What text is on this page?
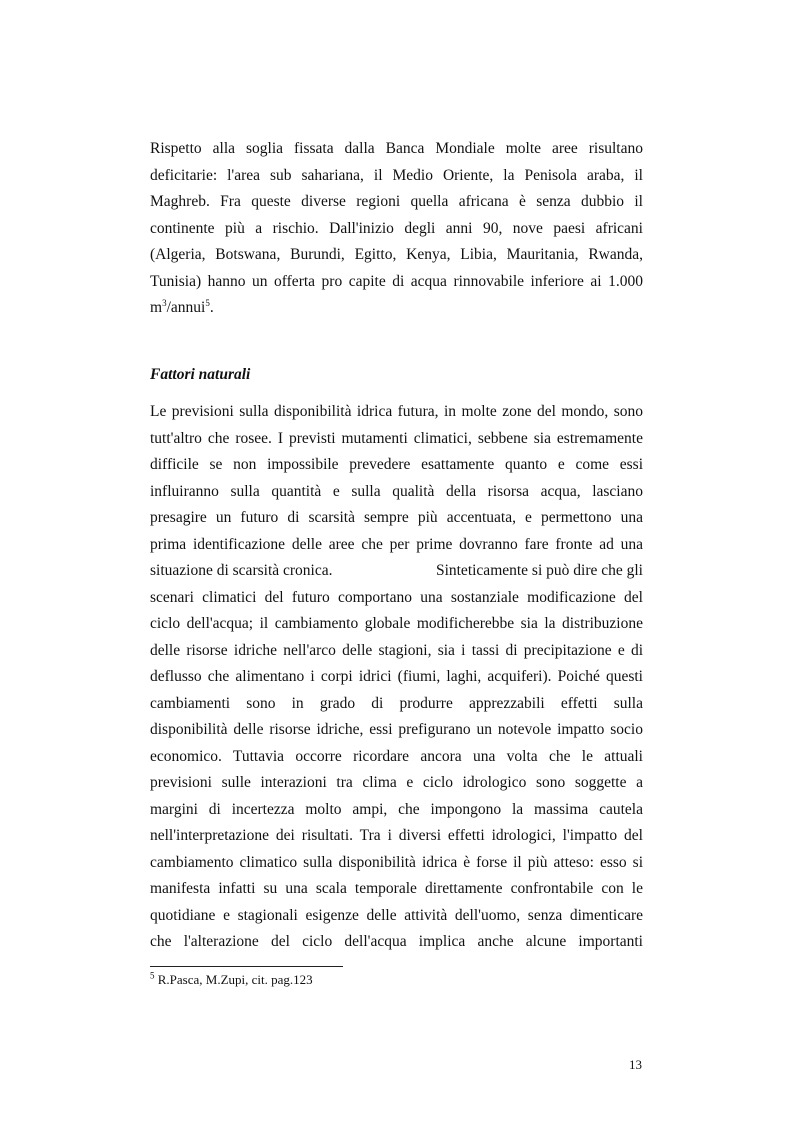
Rispetto alla soglia fissata dalla Banca Mondiale molte aree risultano
deficitarie: l'area sub sahariana, il Medio Oriente, la Penisola araba, il
Maghreb. Fra queste diverse regioni quella africana è senza dubbio il
continente più a rischio. Dall'inizio degli anni 90, nove paesi africani
(Algeria, Botswana, Burundi, Egitto, Kenya, Libia, Mauritania, Rwanda,
Tunisia) hanno un offerta pro capite di acqua rinnovabile inferiore ai 1.000
$m^3/annui^5$.
Fattori naturali
Le previsioni sulla disponibilità idrica futura, in molte zone del mondo, sono
tutt'altro che rosee. I previsti mutamenti climatici, sebbene sia estremamente
difficile se non impossibile prevedere esattamente quanto e come essi
influiranno sulla quantità e sulla qualità della risorsa acqua, lasciano
presagire un futuro di scarsità sempre più accentuata, e permettono una
prima identificazione delle aree che per prime dovranno fare fronte ad una
situazione di scarsità cronica.	Sinteticamente si può dire che gli
scenari climatici del futuro comportano una sostanziale modificazione del
ciclo dell'acqua; il cambiamento globale modificherebbe sia la distribuzione
delle risorse idriche nell'arco delle stagioni, sia i tassi di precipitazione e di
deflusso che alimentano i corpi idrici (fiumi, laghi, acquiferi). Poiché questi
cambiamenti sono in grado di produrre apprezzabili effetti sulla
disponibilità delle risorse idriche, essi prefigurano un notevole impatto socio
economico. Tuttavia occorre ricordare ancora una volta che le attuali
previsioni sulle interazioni tra clima e ciclo idrologico sono soggette a
margini di incertezza molto ampi, che impongono la massima cautela
nell'interpretazione dei risultati. Tra i diversi effetti idrologici, l'impatto del
cambiamento climatico sulla disponibilità idrica è forse il più atteso: esso si
manifesta infatti su una scala temporale direttamente confrontabile con le
quotidiane e stagionali esigenze delle attività dell'uomo, senza dimenticare
che l'alterazione del ciclo dell'acqua implica anche alcune importanti
$^5$ R.Pasca, M.Zupi, cit. pag.123
13
